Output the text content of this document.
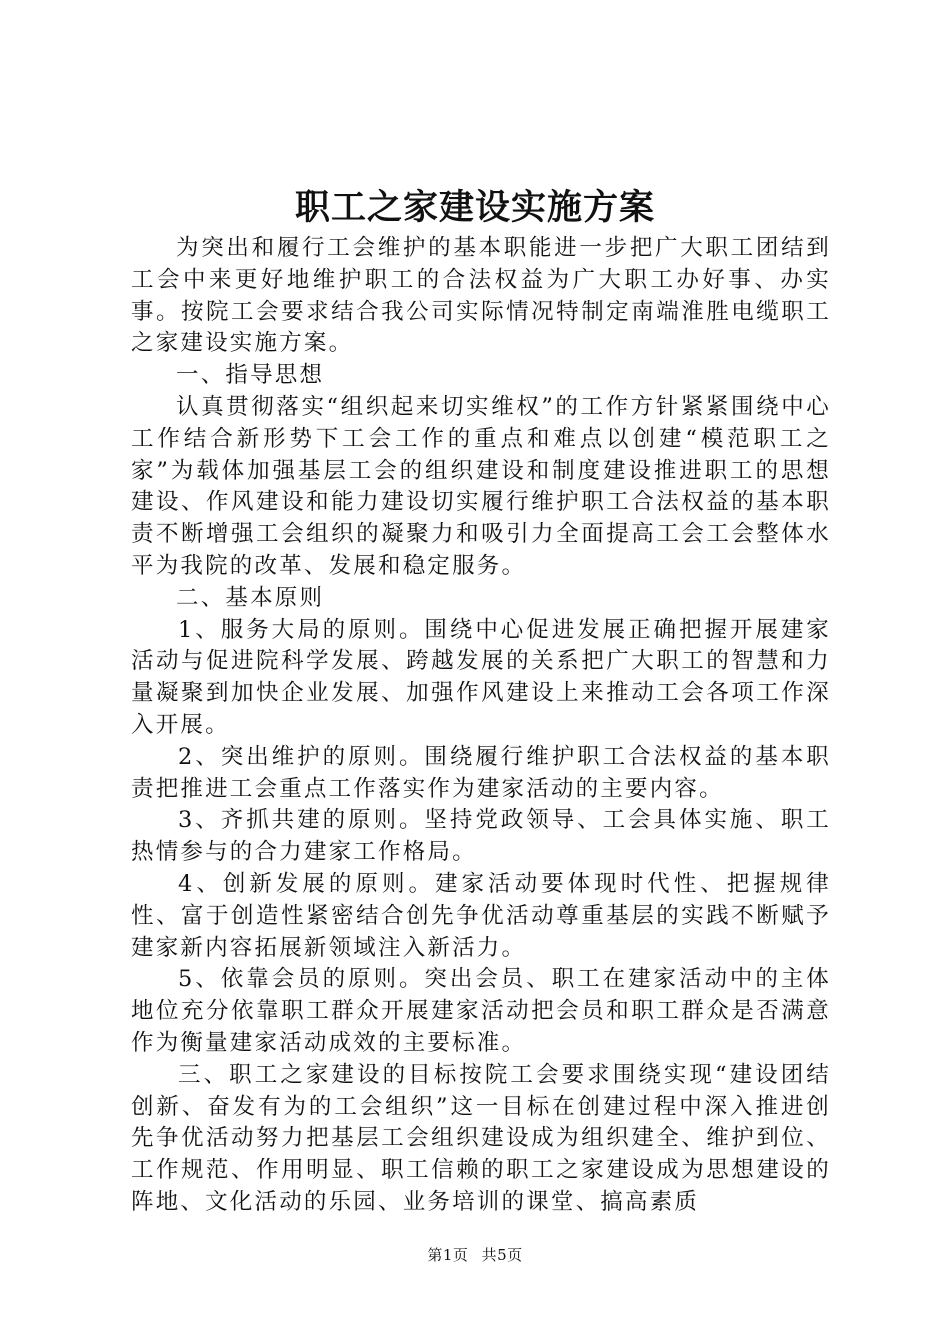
职工之家建设实施方案

为突出和履行工会维护的基本职能进一步把广大职工团结到工会中来更好地维护职工的合法权益为广大职工办好事、办实事。按院工会要求结合我公司实际情况特制定南端淮胜电缆职工之家建设实施方案。

一、指导思想

认真贯彻落实“组织起来切实维权”的工作方针紧紧围绕中心工作结合新形势下工会工作的重点和难点以创建“模范职工之家”为载体加强基层工会的组织建设和制度建设推进职工的思想建设、作风建设和能力建设切实履行维护职工合法权益的基本职责不断增强工会组织的凝聚力和吸引力全面提高工会工会整体水平为我院的改革、发展和稳定服务。

二、基本原则

1、服务大局的原则。围绕中心促进发展正确把握开展建家活动与促进院科学发展、跨越发展的关系把广大职工的智慧和力量凝聚到加快企业发展、加强作风建设上来推动工会各项工作深入开展。

2、突出维护的原则。围绕履行维护职工合法权益的基本职责把推进工会重点工作落实作为建家活动的主要内容。

3、齐抓共建的原则。坚持党政领导、工会具体实施、职工热情参与的合力建家工作格局。

4、创新发展的原则。建家活动要体现时代性、把握规律性、富于创造性紧密结合创先争优活动尊重基层的实践不断赋予建家新内容拓展新领域注入新活力。

5、依靠会员的原则。突出会员、职工在建家活动中的主体地位充分依靠职工群众开展建家活动把会员和职工群众是否满意作为衡量建家活动成效的主要标准。

三、职工之家建设的目标按院工会要求围绕实现“建设团结创新、奋发有为的工会组织”这一目标在创建过程中深入推进创先争优活动努力把基层工会组织建设成为组织建全、维护到位、工作规范、作用明显、职工信赖的职工之家建设成为思想建设的阵地、文化活动的乐园、业务培训的课堂、搞高素质

第1页 共5页
